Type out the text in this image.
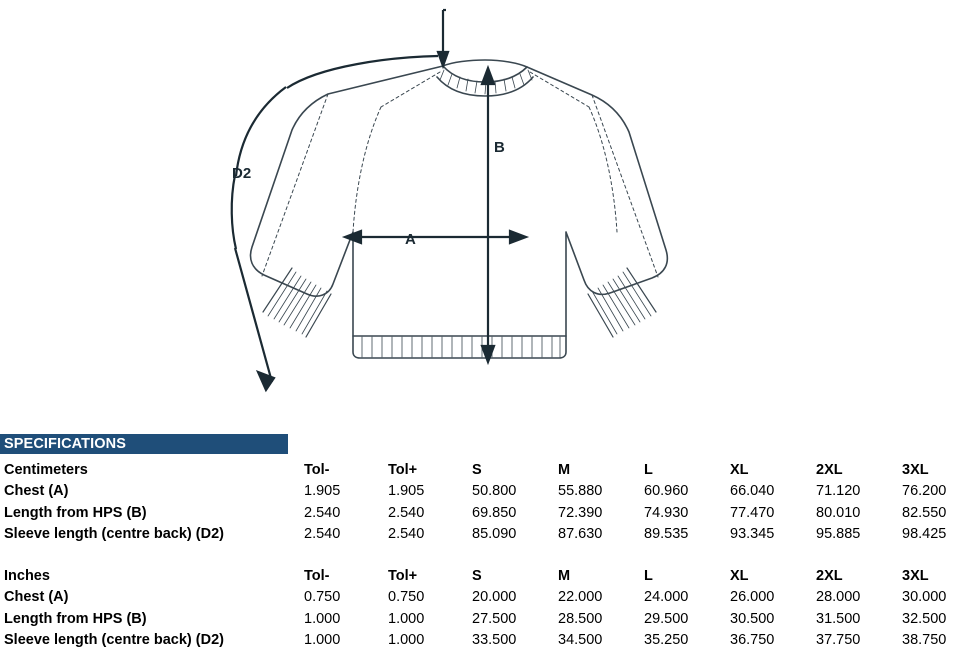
B
A
D2
SPECIFICATIONS
Centimeters	Tol-	Tol+	S	M	L	XL	2XL	3XL
Chest (A)	1.905	1.905	50.800	55.880	60.960	66.040	71.120	76.200
Length from HPS (B)	2.540	2.540	69.850	72.390	74.930	77.470	80.010	82.550
Sleeve length (centre back) (D2)	2.540	2.540	85.090	87.630	89.535	93.345	95.885	98.425
Inches	Tol-	Tol+	S	M	L	XL	2XL	3XL
Chest (A)	0.750	0.750	20.000	22.000	24.000	26.000	28.000	30.000
Length from HPS (B)	1.000	1.000	27.500	28.500	29.500	30.500	31.500	32.500
Sleeve length (centre back) (D2)	1.000	1.000	33.500	34.500	35.250	36.750	37.750	38.750
